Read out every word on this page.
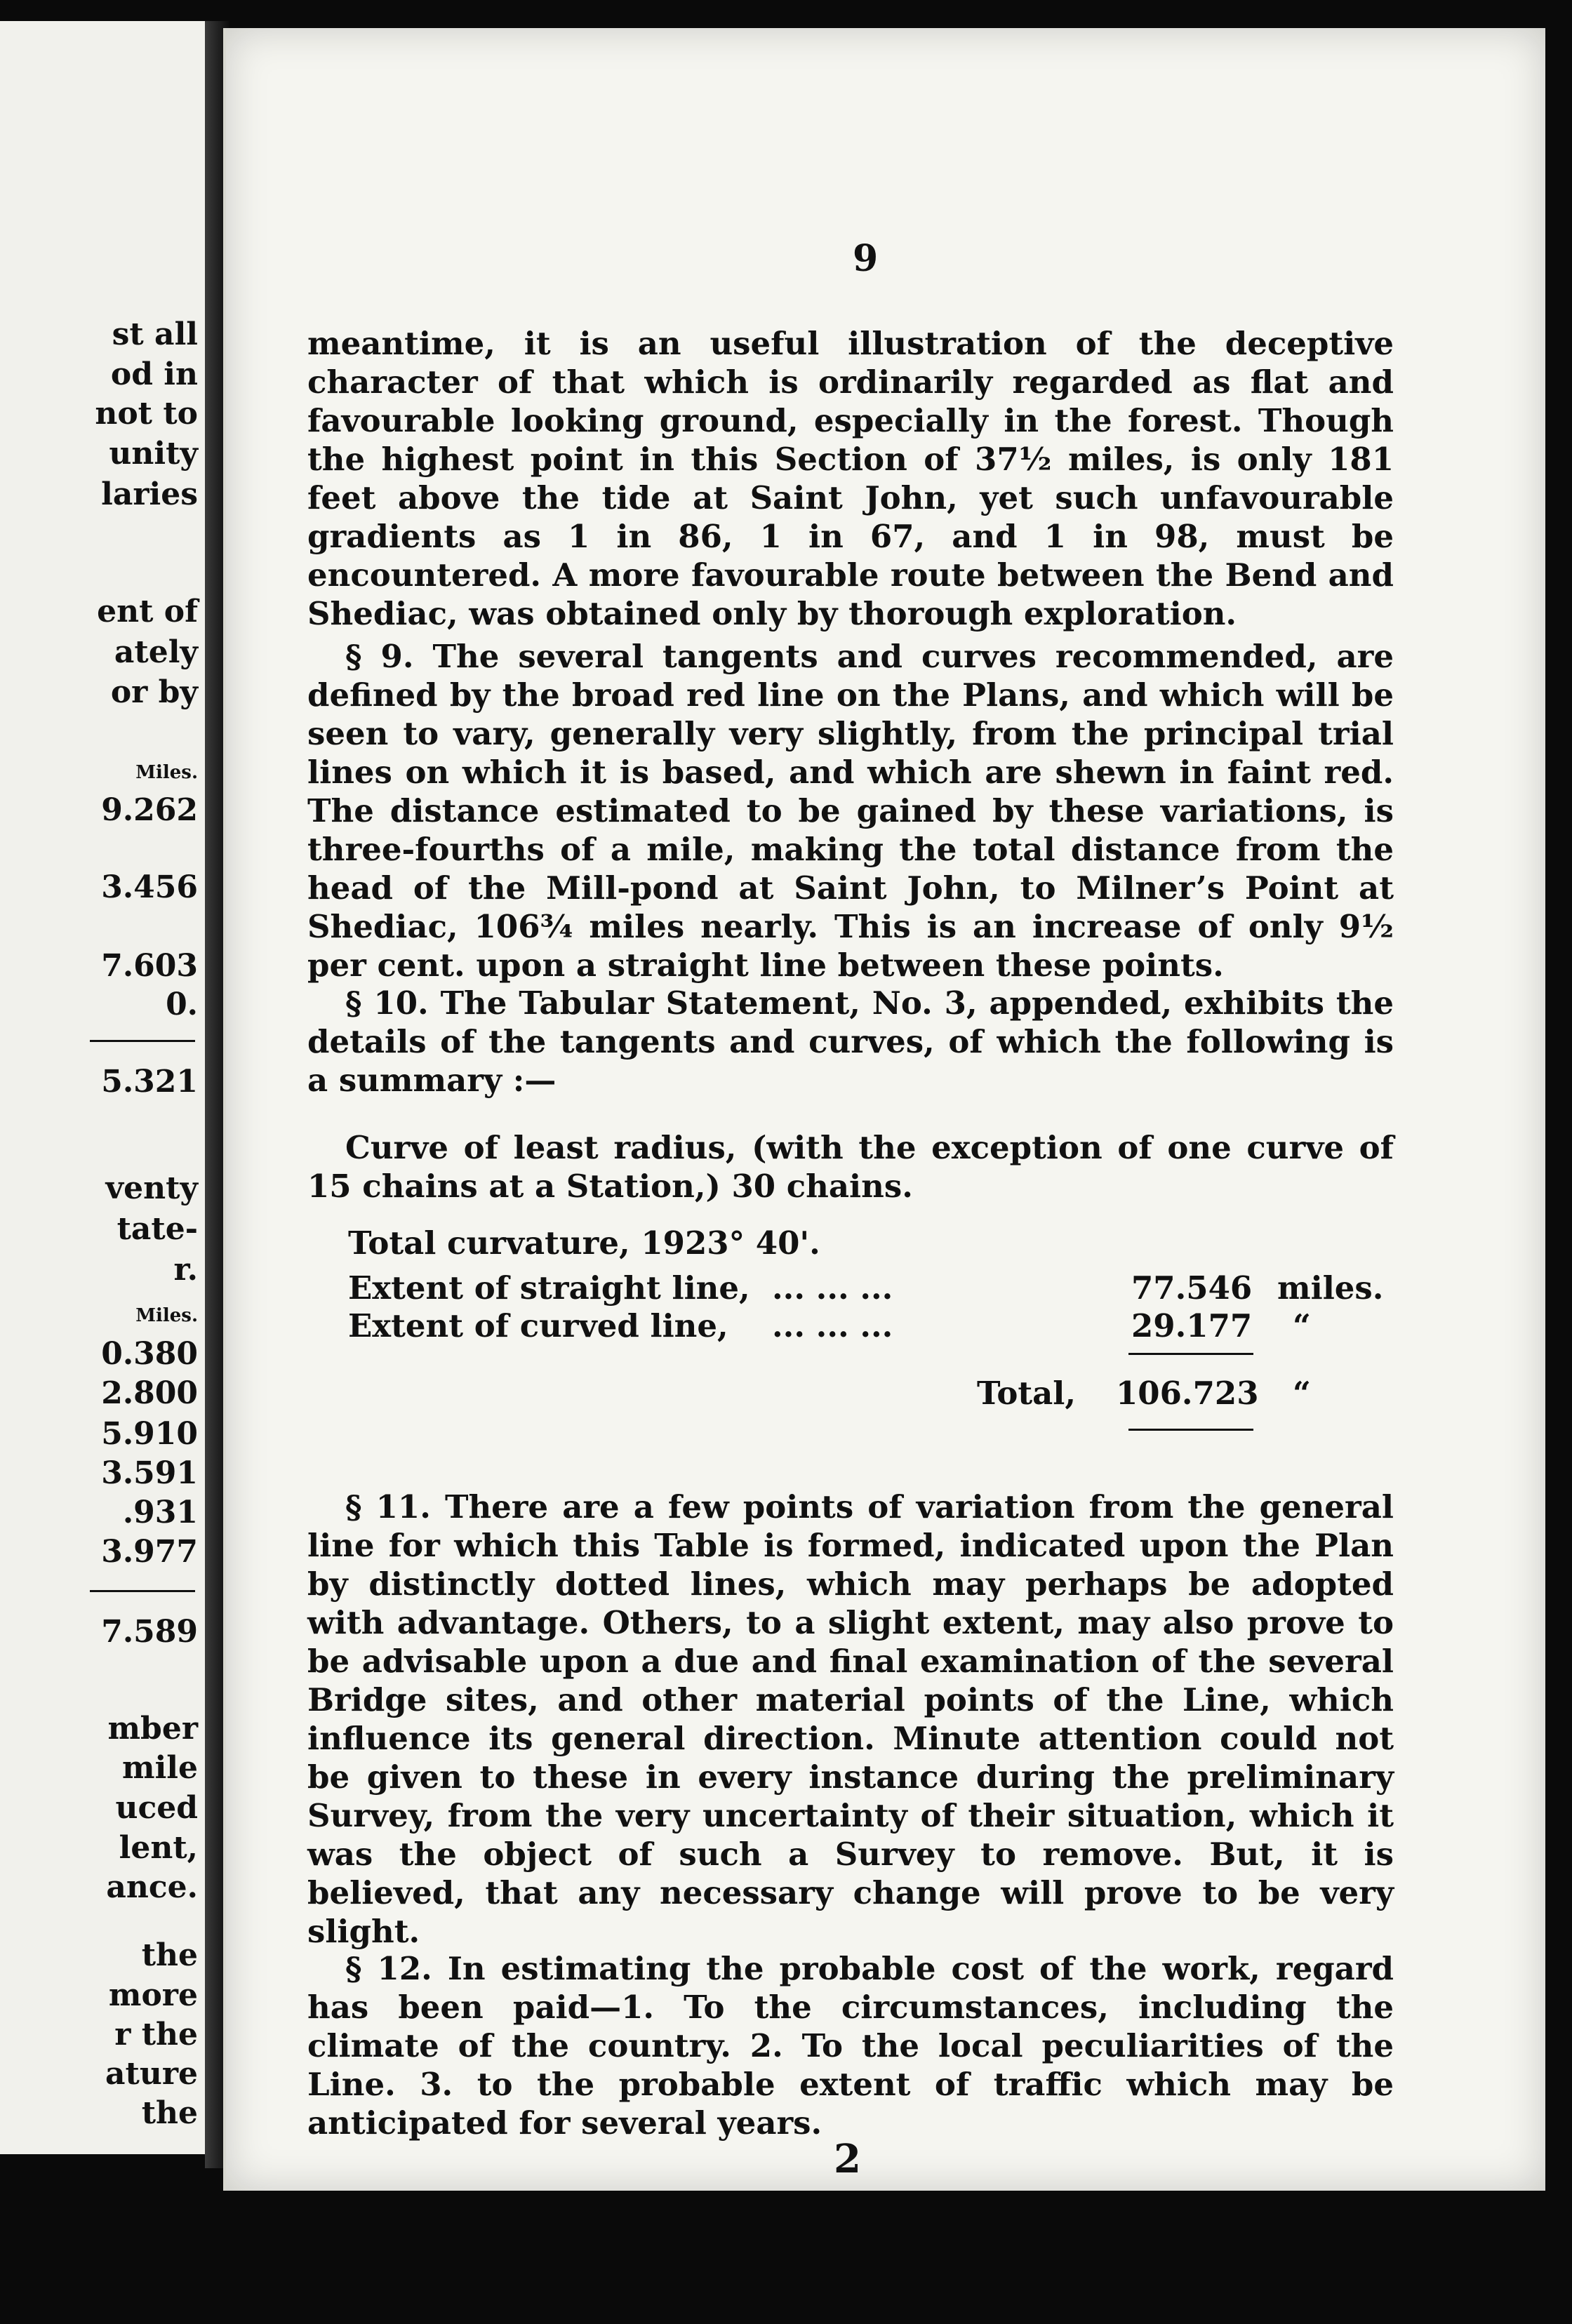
st all
od in
not to
unity
laries
ent of
ately
or by
Miles.
9.262
3.456
7.603
0.
5.321
venty
tate-
r.
Miles.
0.380
2.800
5.910
3.591
.931
3.977
7.589
mber
mile
uced
lent,
ance.
the
more
r the
ature
the
9
meantime, it is an useful illustration of the deceptive character of that which is ordinarily regarded as flat and favourable looking ground, especially in the forest. Though the highest point in this Section of 37½ miles, is only 181 feet above the tide at Saint John, yet such unfavourable gradients as 1 in 86, 1 in 67, and 1 in 98, must be encountered. A more favourable route between the Bend and Shediac, was obtained only by thorough exploration.
§ 9. The several tangents and curves recommended, are defined by the broad red line on the Plans, and which will be seen to vary, generally very slightly, from the principal trial lines on which it is based, and which are shewn in faint red. The distance estimated to be gained by these variations, is three-fourths of a mile, making the total distance from the head of the Mill-pond at Saint John, to Milner’s Point at Shediac, 106¾ miles nearly. This is an increase of only 9½ per cent. upon a straight line between these points.
§ 10. The Tabular Statement, No. 3, appended, exhibits the details of the tangents and curves, of which the following is a summary :—
Curve of least radius, (with the exception of one curve of 15 chains at a Station,) 30 chains.
Total curvature, 1923° 40'.
Extent of straight line, ... ... ...	77.546 miles.
Extent of curved line, ... ... ...	29.177 “
Total, 106.723 “
§ 11. There are a few points of variation from the general line for which this Table is formed, indicated upon the Plan by distinctly dotted lines, which may perhaps be adopted with advantage. Others, to a slight extent, may also prove to be advisable upon a due and final examination of the several Bridge sites, and other material points of the Line, which influence its general direction. Minute attention could not be given to these in every instance during the preliminary Survey, from the very uncertainty of their situation, which it was the object of such a Survey to remove. But, it is believed, that any necessary change will prove to be very slight.
§ 12. In estimating the probable cost of the work, regard has been paid—1. To the circumstances, including the climate of the country. 2. To the local peculiarities of the Line. 3. to the probable extent of traffic which may be anticipated for several years.
2
